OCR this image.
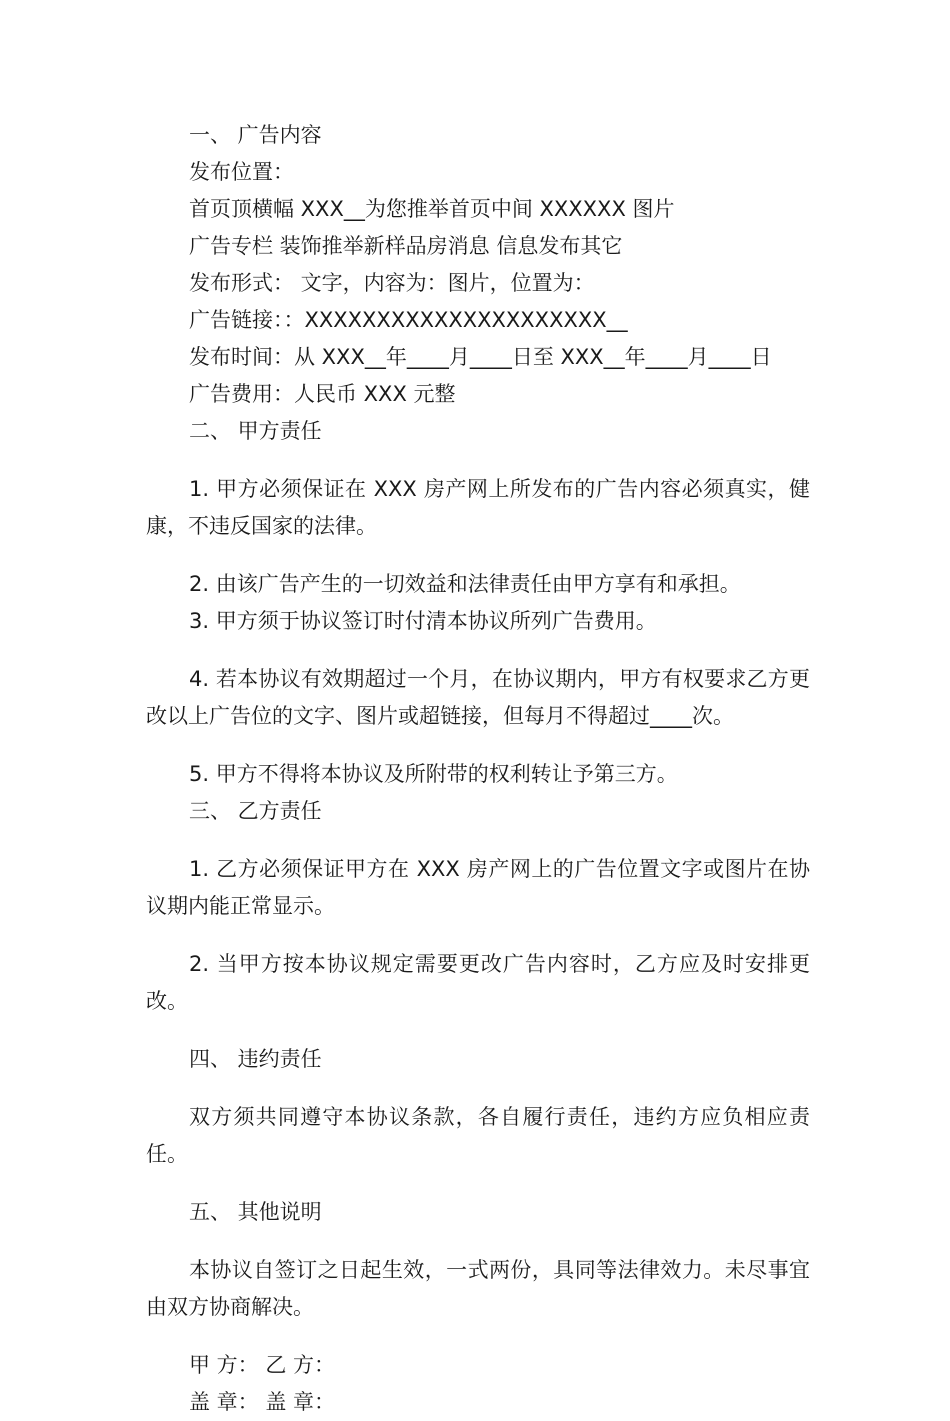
一、 广告内容

发布位置：

首页顶横幅 XXX__为您推举首页中间 XXXXXX 图片

广告专栏 装饰推举新样品房消息 信息发布其它

发布形式： 文字，内容为：图片，位置为：

广告链接：：XXXXXXXXXXXXXXXXXXXXX__

发布时间：从 XXX__年____月____日至 XXX__年____月____日

广告费用：人民币 XXX 元整

二、 甲方责任

1. 甲方必须保证在 XXX 房产网上所发布的广告内容必须真实，健康，不违反国家的法律。

2. 由该广告产生的一切效益和法律责任由甲方享有和承担。

3. 甲方须于协议签订时付清本协议所列广告费用。

4. 若本协议有效期超过一个月，在协议期内，甲方有权要求乙方更改以上广告位的文字、图片或超链接，但每月不得超过____次。

5. 甲方不得将本协议及所附带的权利转让予第三方。

三、 乙方责任

1. 乙方必须保证甲方在 XXX 房产网上的广告位置文字或图片在协议期内能正常显示。

2. 当甲方按本协议规定需要更改广告内容时，乙方应及时安排更改。

四、 违约责任

双方须共同遵守本协议条款，各自履行责任，违约方应负相应责任。

五、 其他说明

本协议自签订之日起生效，一式两份，具同等法律效力。未尽事宜由双方协商解决。

甲 方： 乙 方：

盖 章： 盖 章：
